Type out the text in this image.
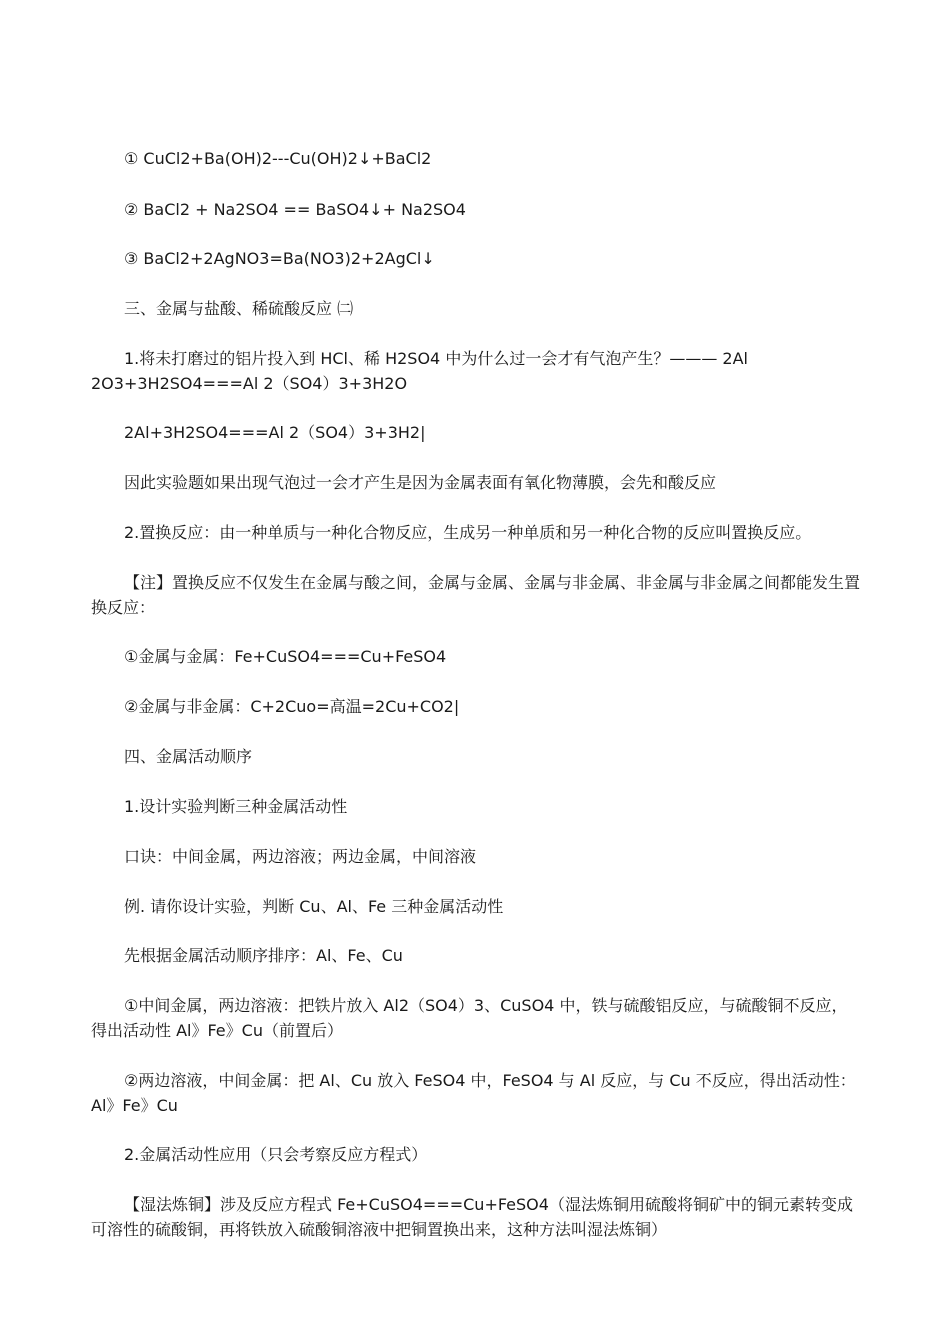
① CuCl2+Ba(OH)2---Cu(OH)2↓+BaCl2

② BaCl2 + Na2SO4 == BaSO4↓+ Na2SO4

③ BaCl2+2AgNO3=Ba(NO3)2+2AgCl↓

三、金属与盐酸、稀硫酸反应 ㈡

1.将未打磨过的铝片投入到 HCl、稀 H2SO4 中为什么过一会才有气泡产生？——— 2Al2O3+3H2SO4===Al 2（SO4）3+3H2O

2Al+3H2SO4===Al 2（SO4）3+3H2|

因此实验题如果出现气泡过一会才产生是因为金属表面有氧化物薄膜，会先和酸反应

2.置换反应：由一种单质与一种化合物反应，生成另一种单质和另一种化合物的反应叫置换反应。

【注】置换反应不仅发生在金属与酸之间，金属与金属、金属与非金属、非金属与非金属之间都能发生置换反应：

①金属与金属：Fe+CuSO4===Cu+FeSO4

②金属与非金属：C+2Cuo=高温=2Cu+CO2|

四、金属活动顺序

1.设计实验判断三种金属活动性

口诀：中间金属，两边溶液；两边金属，中间溶液

例. 请你设计实验，判断 Cu、Al、Fe 三种金属活动性

先根据金属活动顺序排序：Al、Fe、Cu

①中间金属，两边溶液：把铁片放入 Al2（SO4）3、CuSO4 中，铁与硫酸铝反应，与硫酸铜不反应，得出活动性 Al》Fe》Cu（前置后）

②两边溶液，中间金属：把 Al、Cu 放入 FeSO4 中，FeSO4 与 Al 反应，与 Cu 不反应，得出活动性：Al》Fe》Cu

2.金属活动性应用（只会考察反应方程式）

【湿法炼铜】涉及反应方程式 Fe+CuSO4===Cu+FeSO4（湿法炼铜用硫酸将铜矿中的铜元素转变成可溶性的硫酸铜，再将铁放入硫酸铜溶液中把铜置换出来，这种方法叫湿法炼铜）
